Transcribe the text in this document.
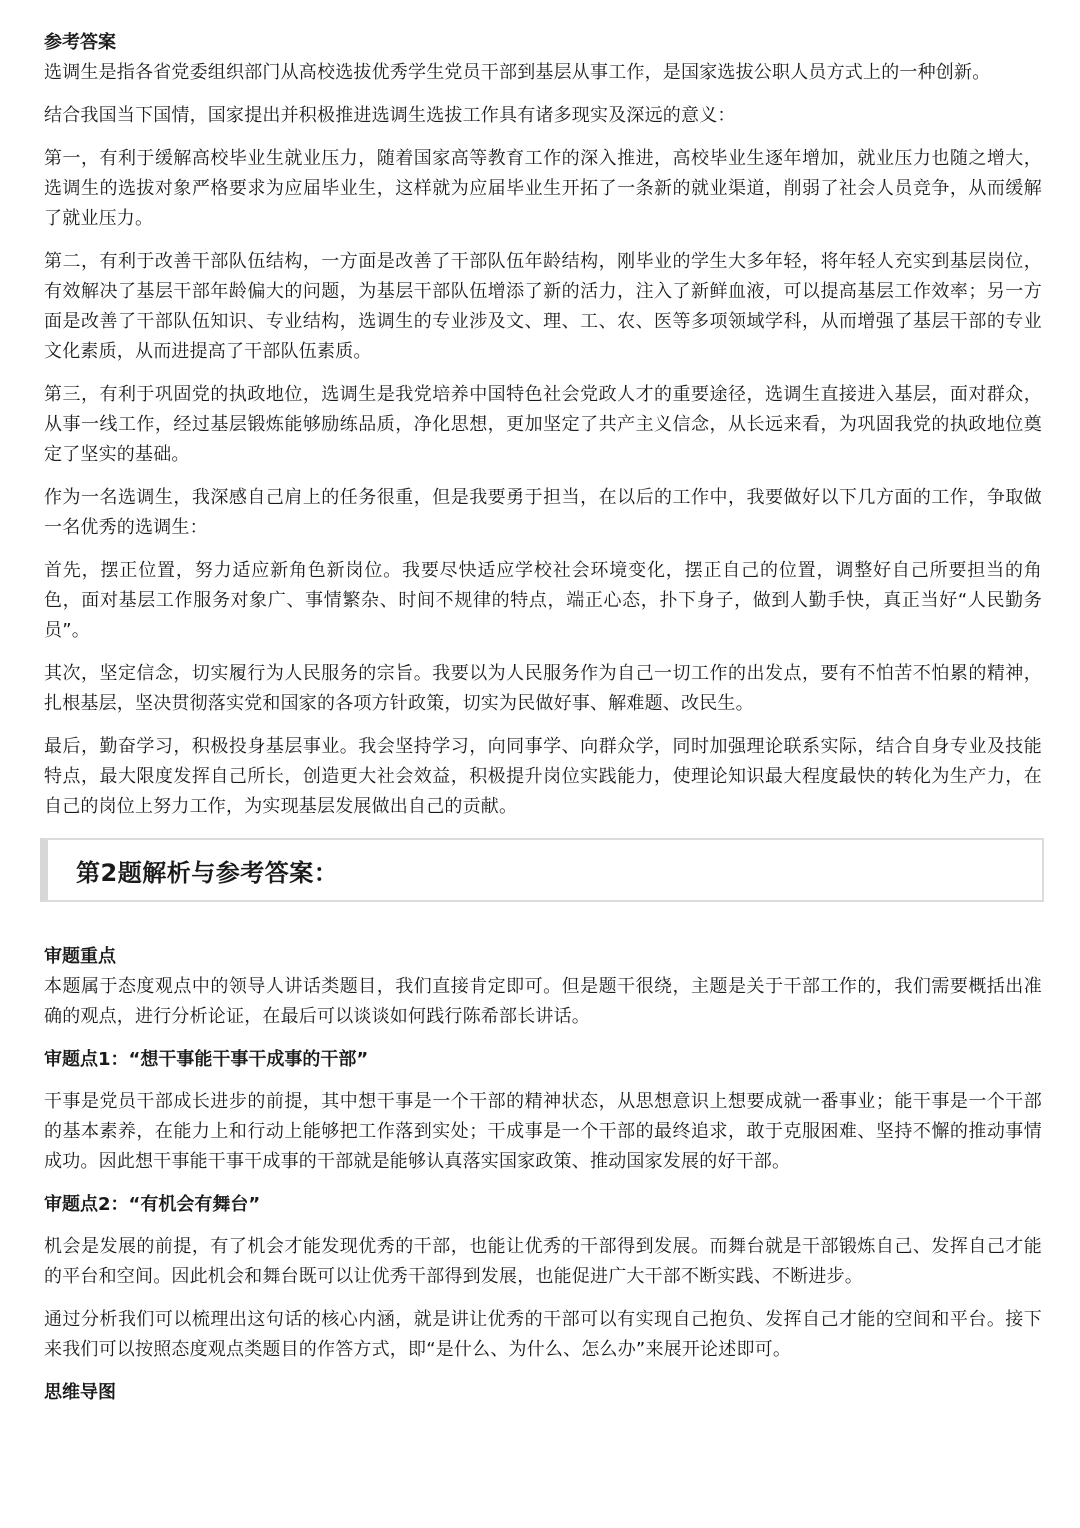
参考答案

选调生是指各省党委组织部门从高校选拔优秀学生党员干部到基层从事工作，是国家选拔公职人员方式上的一种创新。

结合我国当下国情，国家提出并积极推进选调生选拔工作具有诸多现实及深远的意义：

第一，有利于缓解高校毕业生就业压力，随着国家高等教育工作的深入推进，高校毕业生逐年增加，就业压力也随之增大，选调生的选拔对象严格要求为应届毕业生，这样就为应届毕业生开拓了一条新的就业渠道，削弱了社会人员竞争，从而缓解了就业压力。

第二，有利于改善干部队伍结构，一方面是改善了干部队伍年龄结构，刚毕业的学生大多年轻，将年轻人充实到基层岗位，有效解决了基层干部年龄偏大的问题，为基层干部队伍增添了新的活力，注入了新鲜血液，可以提高基层工作效率；另一方面是改善了干部队伍知识、专业结构，选调生的专业涉及文、理、工、农、医等多项领域学科，从而增强了基层干部的专业文化素质，从而进提高了干部队伍素质。

第三，有利于巩固党的执政地位，选调生是我党培养中国特色社会党政人才的重要途径，选调生直接进入基层，面对群众，从事一线工作，经过基层锻炼能够励练品质，净化思想，更加坚定了共产主义信念，从长远来看，为巩固我党的执政地位奠定了坚实的基础。

作为一名选调生，我深感自己肩上的任务很重，但是我要勇于担当，在以后的工作中，我要做好以下几方面的工作，争取做一名优秀的选调生：

首先，摆正位置，努力适应新角色新岗位。我要尽快适应学校社会环境变化，摆正自己的位置，调整好自己所要担当的角色，面对基层工作服务对象广、事情繁杂、时间不规律的特点，端正心态，扑下身子，做到人勤手快，真正当好“人民勤务员”。

其次，坚定信念，切实履行为人民服务的宗旨。我要以为人民服务作为自己一切工作的出发点，要有不怕苦不怕累的精神，扎根基层，坚决贯彻落实党和国家的各项方针政策，切实为民做好事、解难题、改民生。

最后，勤奋学习，积极投身基层事业。我会坚持学习，向同事学、向群众学，同时加强理论联系实际，结合自身专业及技能特点，最大限度发挥自己所长，创造更大社会效益，积极提升岗位实践能力，使理论知识最大程度最快的转化为生产力，在自己的岗位上努力工作，为实现基层发展做出自己的贡献。

第2题解析与参考答案：

审题重点

本题属于态度观点中的领导人讲话类题目，我们直接肯定即可。但是题干很绕，主题是关于干部工作的，我们需要概括出准确的观点，进行分析论证，在最后可以谈谈如何践行陈希部长讲话。

审题点1：“想干事能干事干成事的干部”

干事是党员干部成长进步的前提，其中想干事是一个干部的精神状态，从思想意识上想要成就一番事业；能干事是一个干部的基本素养，在能力上和行动上能够把工作落到实处；干成事是一个干部的最终追求，敢于克服困难、坚持不懈的推动事情成功。因此想干事能干事干成事的干部就是能够认真落实国家政策、推动国家发展的好干部。

审题点2：“有机会有舞台”

机会是发展的前提，有了机会才能发现优秀的干部，也能让优秀的干部得到发展。而舞台就是干部锻炼自己、发挥自己才能的平台和空间。因此机会和舞台既可以让优秀干部得到发展，也能促进广大干部不断实践、不断进步。

通过分析我们可以梳理出这句话的核心内涵，就是讲让优秀的干部可以有实现自己抱负、发挥自己才能的空间和平台。接下来我们可以按照态度观点类题目的作答方式，即“是什么、为什么、怎么办”来展开论述即可。

思维导图
